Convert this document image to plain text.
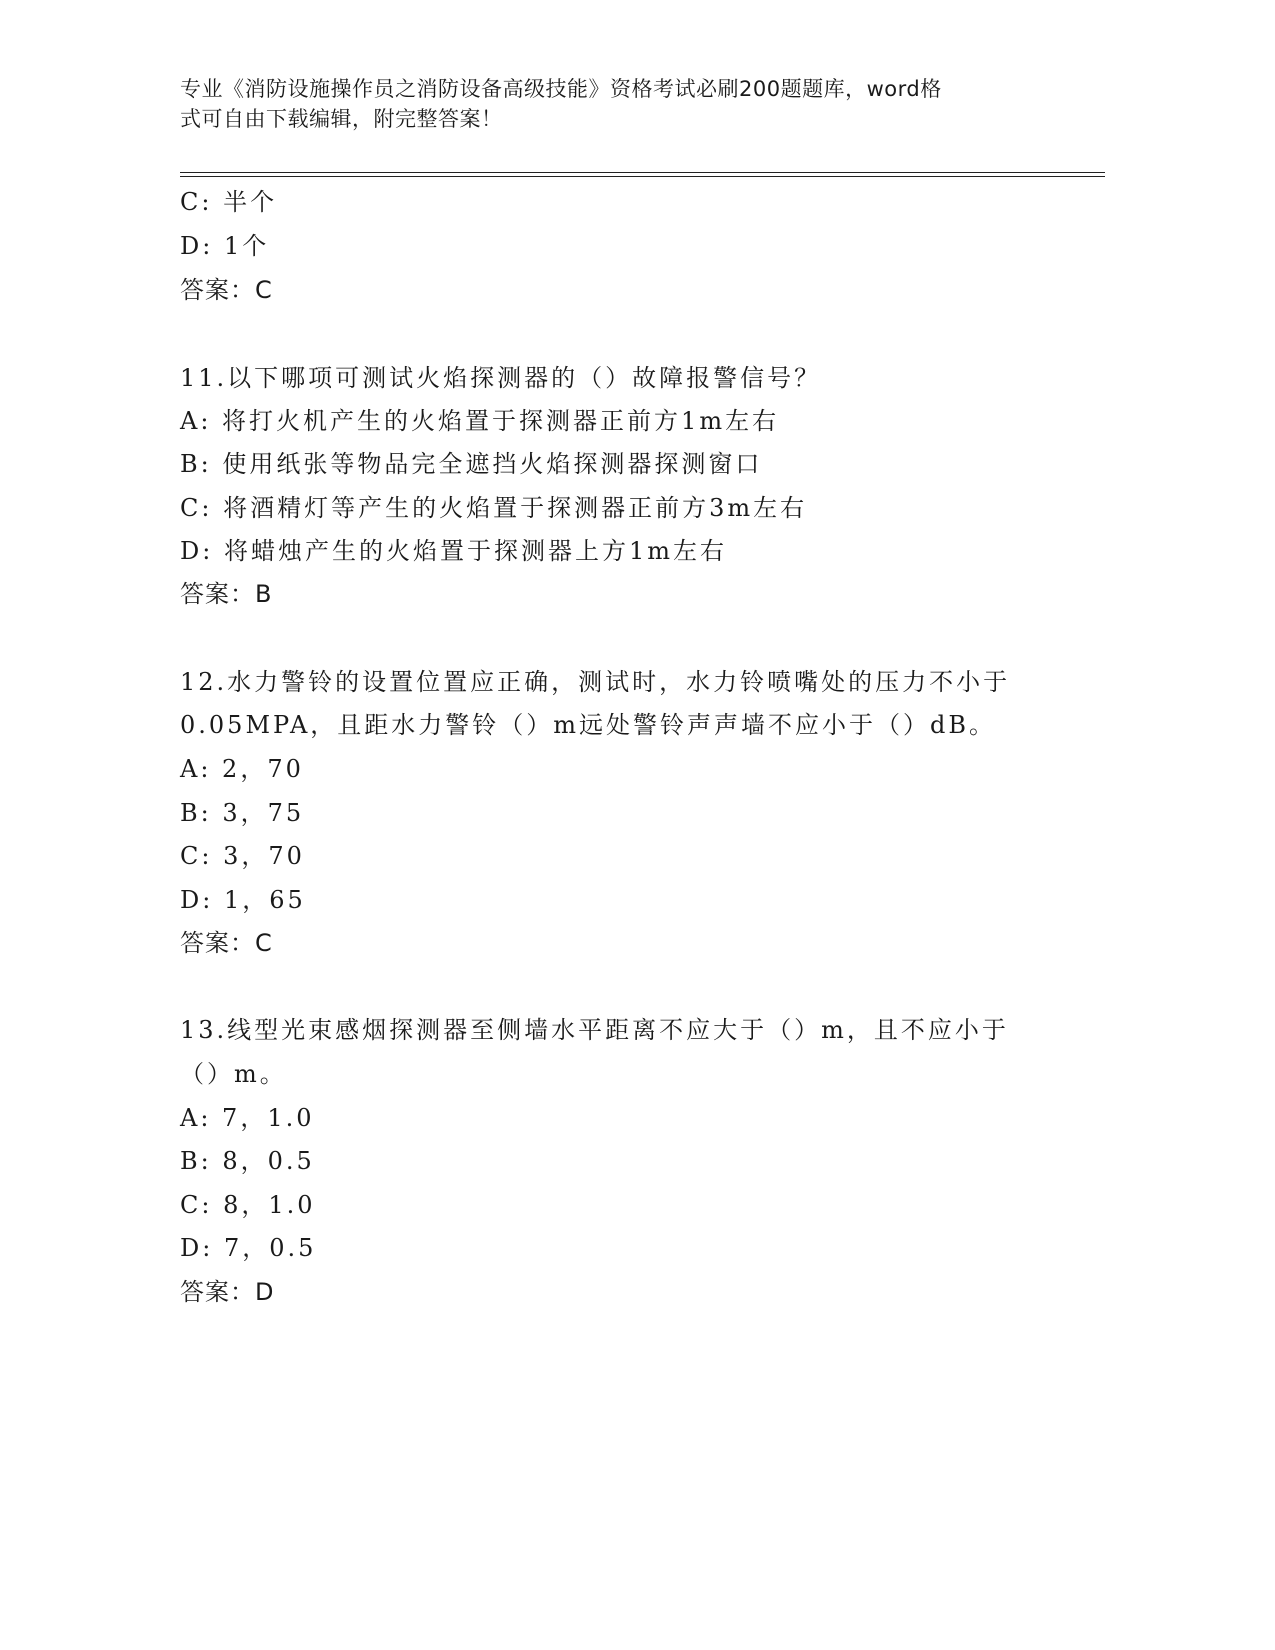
专业《消防设施操作员之消防设备高级技能》资格考试必刷200题题库，word格
式可自由下载编辑，附完整答案！
C: 半个
D: 1个
答案：C
11.以下哪项可测试火焰探测器的（）故障报警信号？
A: 将打火机产生的火焰置于探测器正前方1m左右
B: 使用纸张等物品完全遮挡火焰探测器探测窗口
C: 将酒精灯等产生的火焰置于探测器正前方3m左右
D: 将蜡烛产生的火焰置于探测器上方1m左右
答案：B
12.水力警铃的设置位置应正确，测试时，水力铃喷嘴处的压力不小于
0.05MPA，且距水力警铃（）m远处警铃声声墙不应小于（）dB。
A: 2，70
B: 3，75
C: 3，70
D: 1，65
答案：C
13.线型光束感烟探测器至侧墙水平距离不应大于（）m，且不应小于
（）m。
A: 7，1.0
B: 8，0.5
C: 8，1.0
D: 7，0.5
答案：D
